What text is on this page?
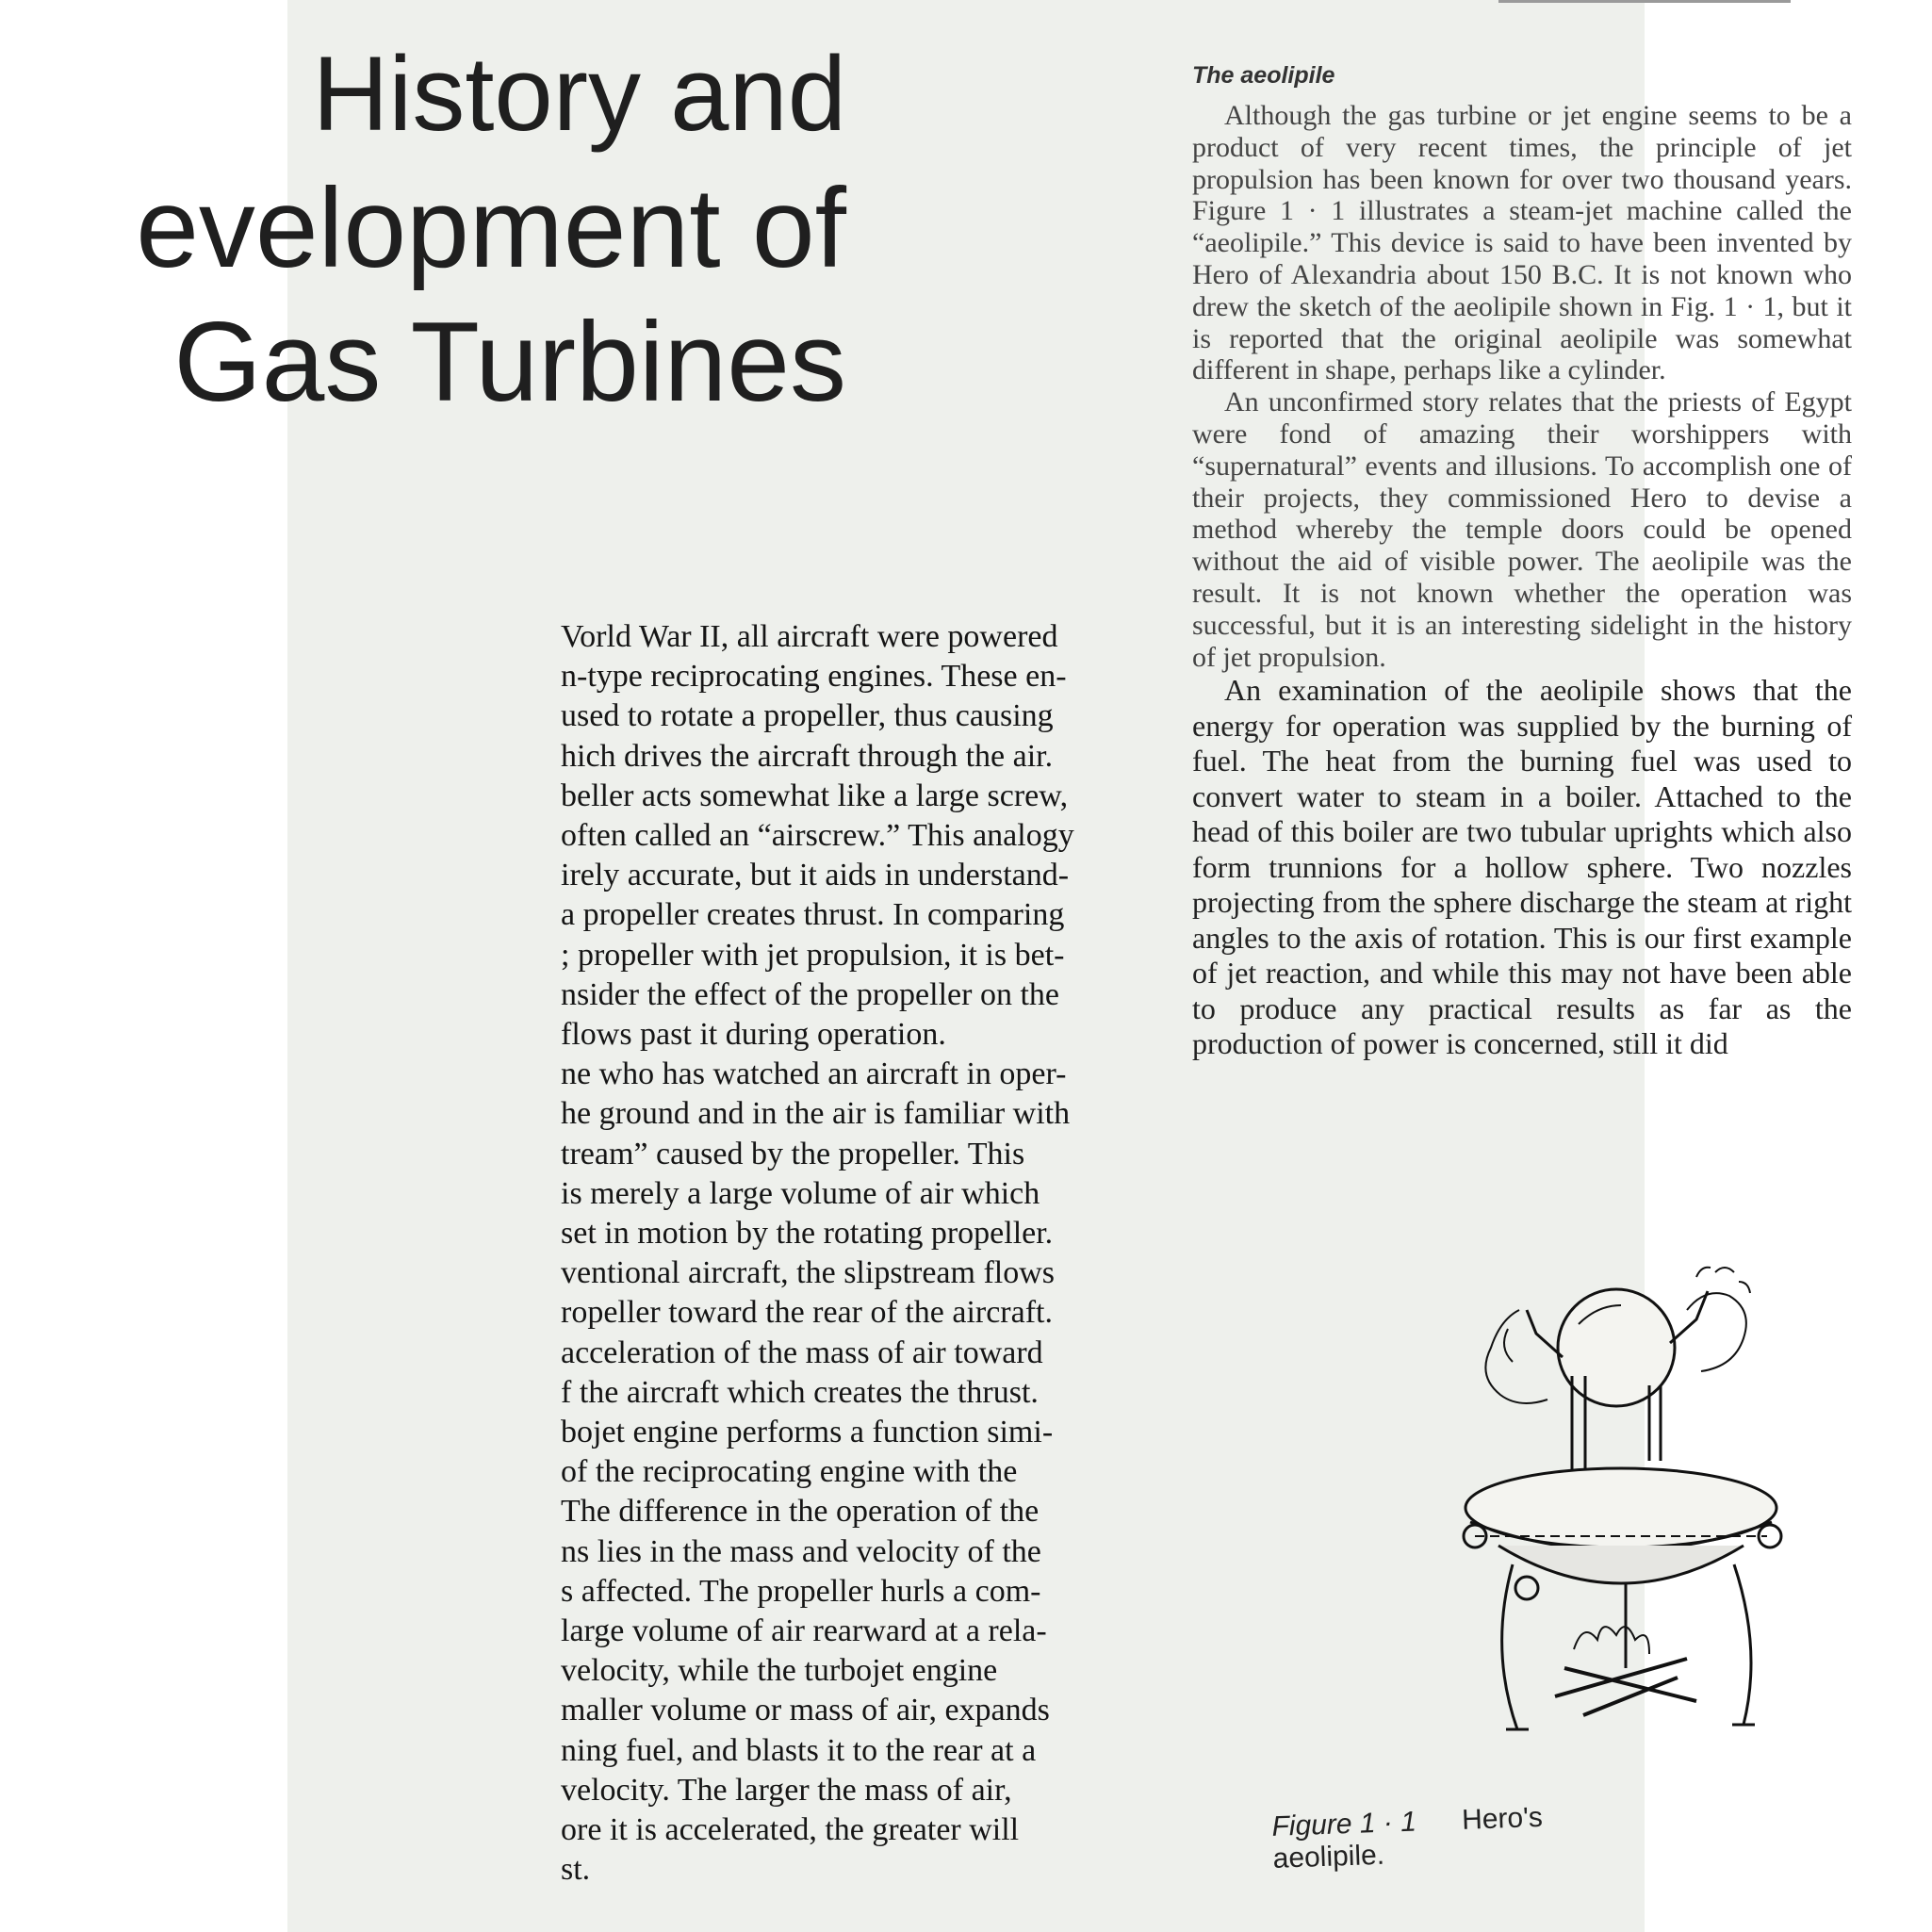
History and
evelopment of
Gas Turbines
The aeolipile

Although the gas turbine or jet engine seems to be a product of very recent times, the principle of jet propulsion has been known for over two thousand years. Figure 1 · 1 illustrates a steam-jet machine called the “aeolipile.” This device is said to have been invented by Hero of Alexandria about 150 B.C. It is not known who drew the sketch of the aeolipile shown in Fig. 1 · 1, but it is reported that the original aeolipile was somewhat different in shape, perhaps like a cylinder.

An unconfirmed story relates that the priests of Egypt were fond of amazing their worshippers with “supernatural” events and illusions. To accomplish one of their projects, they commissioned Hero to devise a method whereby the temple doors could be opened without the aid of visible power. The aeolipile was the result. It is not known whether the operation was successful, but it is an interesting sidelight in the history of jet propulsion.

An examination of the aeolipile shows that the energy for operation was supplied by the burning of fuel. The heat from the burning fuel was used to convert water to steam in a boiler. Attached to the head of this boiler are two tubular uprights which also form trunnions for a hollow sphere. Two nozzles projecting from the sphere discharge the steam at right angles to the axis of rotation. This is our first example of jet reaction, and while this may not have been able to produce any practical results as far as the production of power is concerned, still it did

Vorld War II, all aircraft were powered
n-type reciprocating engines. These en-
used to rotate a propeller, thus causing
hich drives the aircraft through the air.
beller acts somewhat like a large screw,
often called an “airscrew.” This analogy
irely accurate, but it aids in understand-
a propeller creates thrust. In comparing
; propeller with jet propulsion, it is bet-
nsider the effect of the propeller on the
flows past it during operation.
ne who has watched an aircraft in oper-
he ground and in the air is familiar with
tream” caused by the propeller. This
is merely a large volume of air which
set in motion by the rotating propeller.
ventional aircraft, the slipstream flows
ropeller toward the rear of the aircraft.
acceleration of the mass of air toward
f the aircraft which creates the thrust.
bojet engine performs a function simi-
of the reciprocating engine with the
The difference in the operation of the
ns lies in the mass and velocity of the
s affected. The propeller hurls a com-
large volume of air rearward at a rela-
velocity, while the turbojet engine
maller volume or mass of air, expands
ning fuel, and blasts it to the rear at a
velocity. The larger the mass of air,
ore it is accelerated, the greater will
st.
Figure 1 · 1 Hero's aeolipile.
